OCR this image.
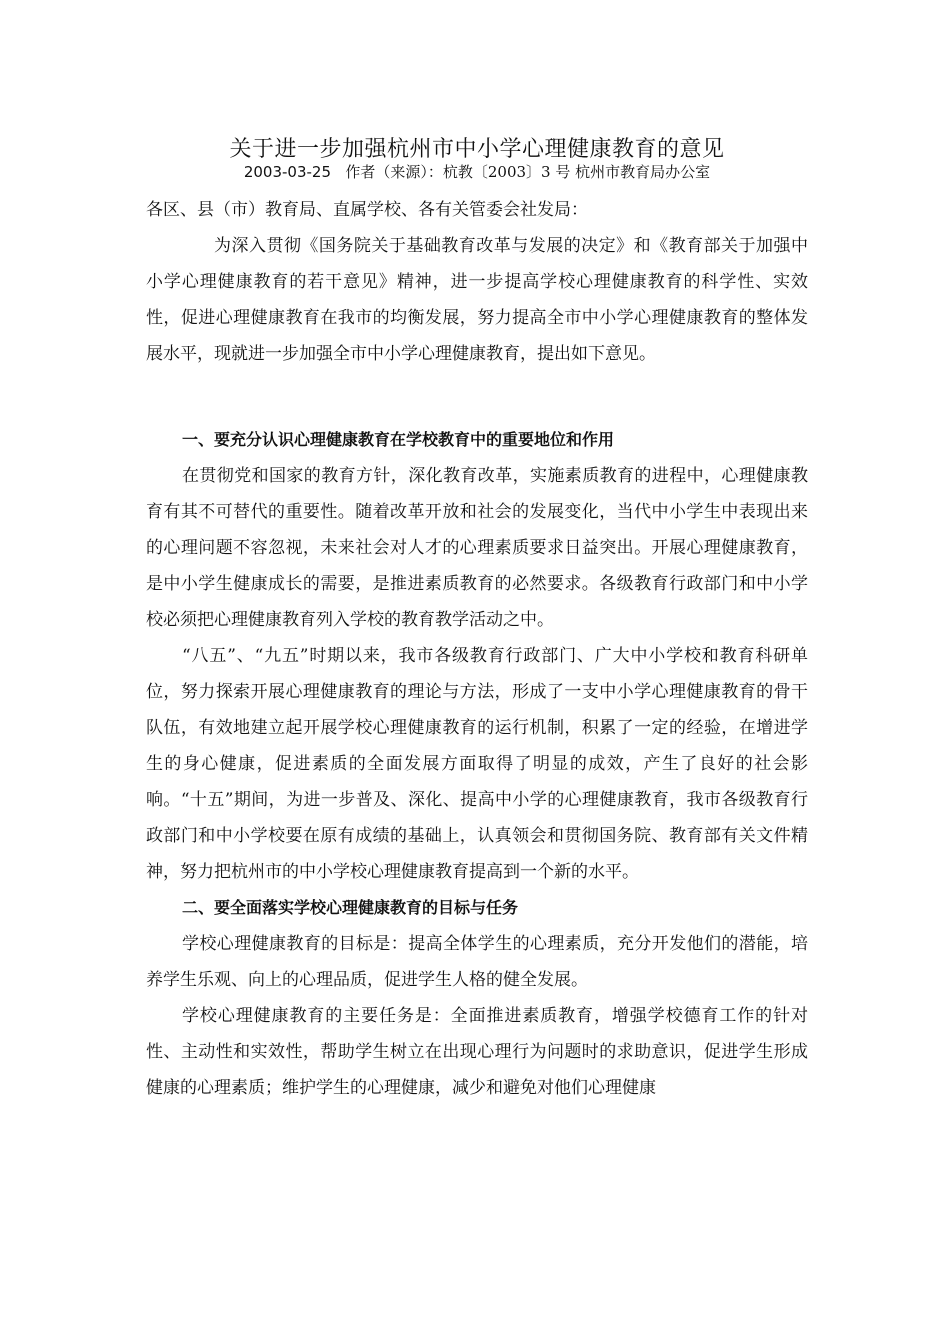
关于进一步加强杭州市中小学心理健康教育的意见
2003-03-25 作者（来源）：杭教〔2003〕3 号 杭州市教育局办公室
各区、县（市）教育局、直属学校、各有关管委会社发局：

为深入贯彻《国务院关于基础教育改革与发展的决定》和《教育部关于加强中小学心理健康教育的若干意见》精神，进一步提高学校心理健康教育的科学性、实效性，促进心理健康教育在我市的均衡发展，努力提高全市中小学心理健康教育的整体发展水平，现就进一步加强全市中小学心理健康教育，提出如下意见。

一、要充分认识心理健康教育在学校教育中的重要地位和作用

在贯彻党和国家的教育方针，深化教育改革，实施素质教育的进程中，心理健康教育有其不可替代的重要性。随着改革开放和社会的发展变化，当代中小学生中表现出来的心理问题不容忽视，未来社会对人才的心理素质要求日益突出。开展心理健康教育，是中小学生健康成长的需要，是推进素质教育的必然要求。各级教育行政部门和中小学校必须把心理健康教育列入学校的教育教学活动之中。

“八五”、“九五”时期以来，我市各级教育行政部门、广大中小学校和教育科研单位，努力探索开展心理健康教育的理论与方法，形成了一支中小学心理健康教育的骨干队伍，有效地建立起开展学校心理健康教育的运行机制，积累了一定的经验，在增进学生的身心健康，促进素质的全面发展方面取得了明显的成效，产生了良好的社会影响。“十五”期间，为进一步普及、深化、提高中小学的心理健康教育，我市各级教育行政部门和中小学校要在原有成绩的基础上，认真领会和贯彻国务院、教育部有关文件精神，努力把杭州市的中小学校心理健康教育提高到一个新的水平。

二、要全面落实学校心理健康教育的目标与任务

学校心理健康教育的目标是：提高全体学生的心理素质，充分开发他们的潜能，培养学生乐观、向上的心理品质，促进学生人格的健全发展。

学校心理健康教育的主要任务是：全面推进素质教育，增强学校德育工作的针对性、主动性和实效性，帮助学生树立在出现心理行为问题时的求助意识，促进学生形成健康的心理素质；维护学生的心理健康，减少和避免对他们心理健康
